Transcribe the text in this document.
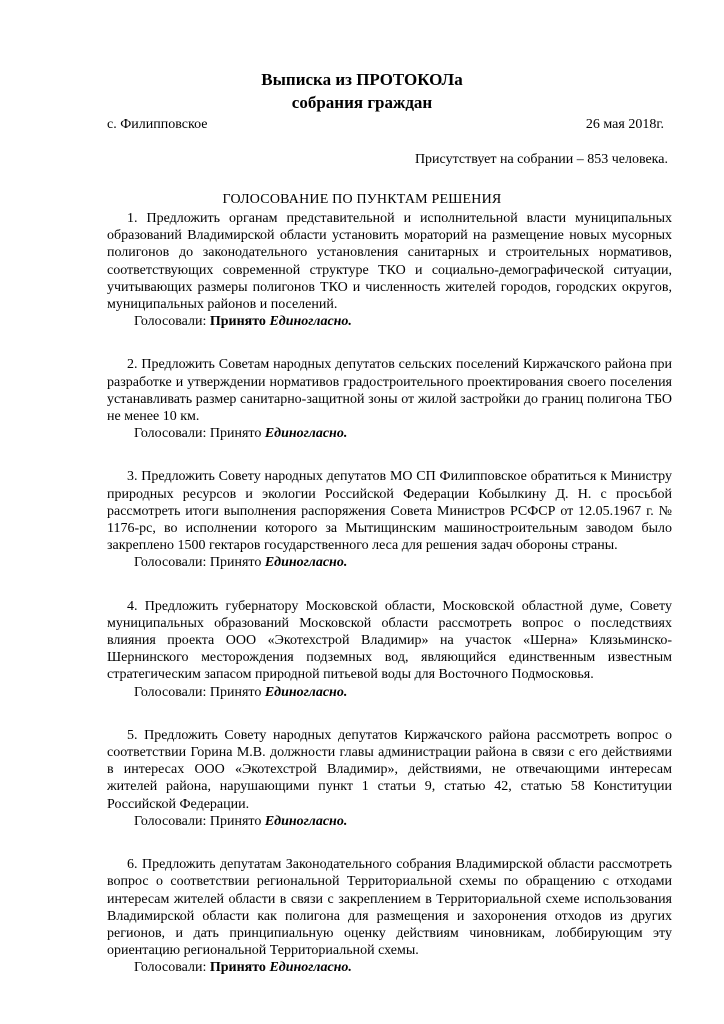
Выписка из ПРОТОКОЛа
собрания граждан
с. Филипповское	26 мая 2018г.
Присутствует на собрании – 853 человека.
ГОЛОСОВАНИЕ ПО ПУНКТАМ РЕШЕНИЯ

1. Предложить органам представительной и исполнительной власти муниципальных образований Владимирской области установить мораторий на размещение новых мусорных полигонов до законодательного установления санитарных и строительных нормативов, соответствующих современной структуре ТКО и социально-демографической ситуации, учитывающих размеры полигонов ТКО и численность жителей городов, городских округов, муниципальных районов и поселений.

Голосовали: Принято Единогласно.

2. Предложить Советам народных депутатов сельских поселений Киржачского района при разработке и утверждении нормативов градостроительного проектирования своего поселения устанавливать размер санитарно-защитной зоны от жилой застройки до границ полигона ТБО не менее 10 км.

Голосовали: Принято Единогласно.

3. Предложить Совету народных депутатов МО СП Филипповское обратиться к Министру природных ресурсов и экологии Российской Федерации Кобылкину Д. Н. с просьбой рассмотреть итоги выполнения распоряжения Совета Министров РСФСР от 12.05.1967 г. № 1176-рс, во исполнении которого за Мытищинским машиностроительным заводом было закреплено 1500 гектаров государственного леса для решения задач обороны страны.

Голосовали: Принято Единогласно.

4. Предложить губернатору Московской области, Московской областной думе, Совету муниципальных образований Московской области рассмотреть вопрос о последствиях влияния проекта ООО «Экотехстрой Владимир» на участок «Шерна» Клязьминско-Шернинского месторождения подземных вод, являющийся единственным известным стратегическим запасом природной питьевой воды для Восточного Подмосковья.

Голосовали: Принято Единогласно.

5. Предложить Совету народных депутатов Киржачского района рассмотреть вопрос о соответствии Горина М.В. должности главы администрации района в связи с его действиями в интересах ООО «Экотехстрой Владимир», действиями, не отвечающими интересам жителей района, нарушающими пункт 1 статьи 9, статью 42, статью 58 Конституции Российской Федерации.

Голосовали: Принято Единогласно.

6. Предложить депутатам Законодательного собрания Владимирской области рассмотреть вопрос о соответствии региональной Территориальной схемы по обращению с отходами интересам жителей области в связи с закреплением в Территориальной схеме использования Владимирской области как полигона для размещения и захоронения отходов из других регионов, и дать принципиальную оценку действиям чиновникам, лоббирующим эту ориентацию региональной Территориальной схемы.

Голосовали: Принято Единогласно.
